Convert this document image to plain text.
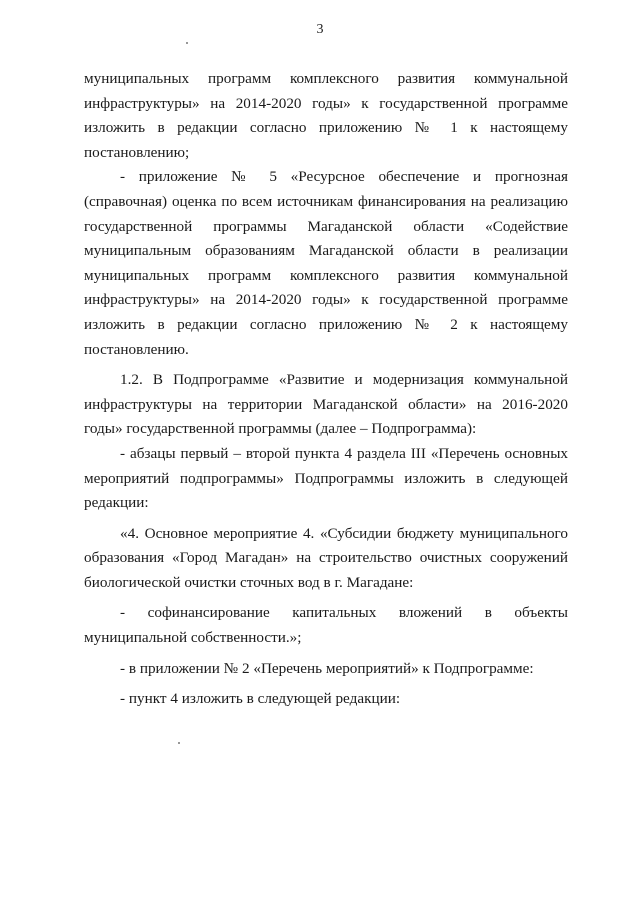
3

муниципальных программ комплексного развития коммунальной инфраструктуры» на 2014-2020 годы» к государственной программе изложить в редакции согласно приложению № 1 к настоящему постановлению;

- приложение № 5 «Ресурсное обеспечение и прогнозная (справочная) оценка по всем источникам финансирования на реализацию государственной программы Магаданской области «Содействие муниципальным образованиям Магаданской области в реализации муниципальных программ комплексного развития коммунальной инфраструктуры» на 2014-2020 годы» к государственной программе изложить в редакции согласно приложению № 2 к настоящему постановлению.

1.2. В Подпрограмме «Развитие и модернизация коммунальной инфраструктуры на территории Магаданской области» на 2016-2020 годы» государственной программы (далее – Подпрограмма):

- абзацы первый – второй пункта 4 раздела III «Перечень основных мероприятий подпрограммы» Подпрограммы изложить в следующей редакции:

«4. Основное мероприятие 4. «Субсидии бюджету муниципального образования «Город Магадан» на строительство очистных сооружений биологической очистки сточных вод в г. Магадане:

- софинансирование капитальных вложений в объекты муниципальной собственности.»;

- в приложении № 2 «Перечень мероприятий» к Подпрограмме:

- пункт 4 изложить в следующей редакции:
